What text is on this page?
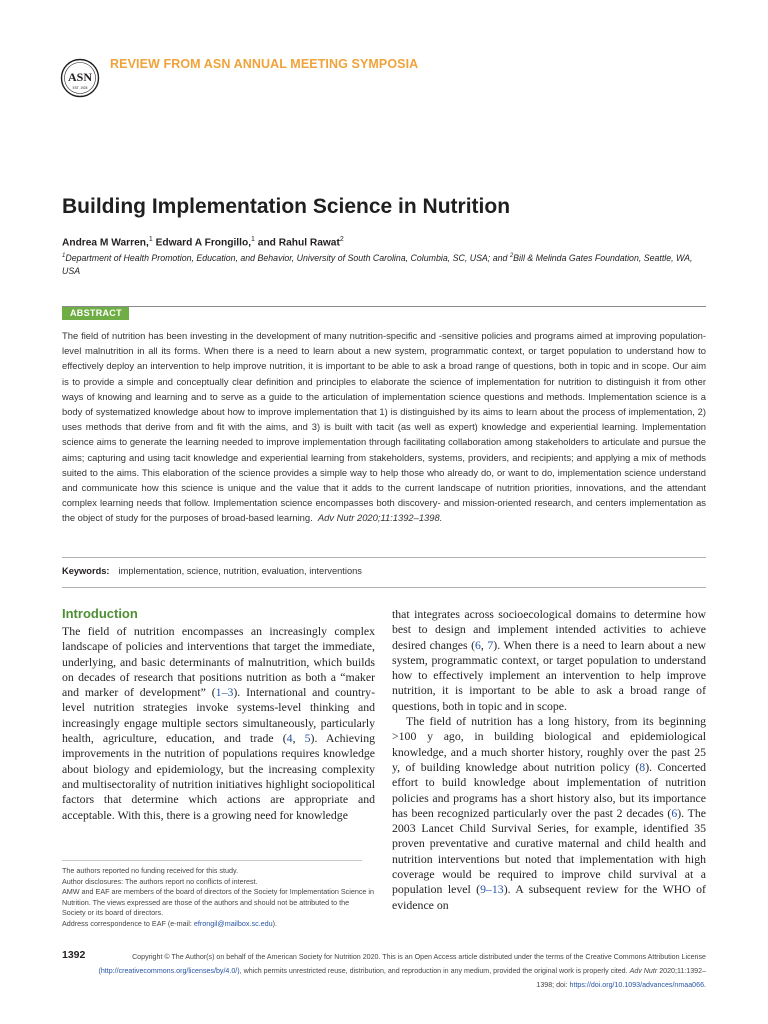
ASN
EST. 1928
REVIEW FROM ASN ANNUAL MEETING SYMPOSIA
Building Implementation Science in Nutrition
Andrea M Warren,$^1$ Edward A Frongillo,$^1$ and Rahul Rawat$^2$
$^1$Department of Health Promotion, Education, and Behavior, University of South Carolina, Columbia, SC, USA; and $^2$Bill & Melinda Gates Foundation, Seattle, WA, USA
ABSTRACT
The field of nutrition has been investing in the development of many nutrition-specific and -sensitive policies and programs aimed at improving population-level malnutrition in all its forms. When there is a need to learn about a new system, programmatic context, or target population to understand how to effectively deploy an intervention to help improve nutrition, it is important to be able to ask a broad range of questions, both in topic and in scope. Our aim is to provide a simple and conceptually clear definition and principles to elaborate the science of implementation for nutrition to distinguish it from other ways of knowing and learning and to serve as a guide to the articulation of implementation science questions and methods. Implementation science is a body of systematized knowledge about how to improve implementation that 1) is distinguished by its aims to learn about the process of implementation, 2) uses methods that derive from and fit with the aims, and 3) is built with tacit (as well as expert) knowledge and experiential learning. Implementation science aims to generate the learning needed to improve implementation through facilitating collaboration among stakeholders to articulate and pursue the aims; capturing and using tacit knowledge and experiential learning from stakeholders, systems, providers, and recipients; and applying a mix of methods suited to the aims. This elaboration of the science provides a simple way to help those who already do, or want to do, implementation science understand and communicate how this science is unique and the value that it adds to the current landscape of nutrition priorities, innovations, and the attendant complex learning needs that follow. Implementation science encompasses both discovery- and mission-oriented research, and centers implementation as the object of study for the purposes of broad-based learning. Adv Nutr 2020;11:1392–1398.
Keywords: implementation, science, nutrition, evaluation, interventions
Introduction

The field of nutrition encompasses an increasingly complex landscape of policies and interventions that target the immediate, underlying, and basic determinants of malnutrition, which builds on decades of research that positions nutrition as both a “maker and marker of development” (1–3). International and country-level nutrition strategies invoke systems-level thinking and increasingly engage multiple sectors simultaneously, particularly health, agriculture, education, and trade (4, 5). Achieving improvements in the nutrition of populations requires knowledge about biology and epidemiology, but the increasing complexity and multisectorality of nutrition initiatives highlight sociopolitical factors that determine which actions are appropriate and acceptable. With this, there is a growing need for knowledge

that integrates across socioecological domains to determine how best to design and implement intended activities to achieve desired changes (6, 7). When there is a need to learn about a new system, programmatic context, or target population to understand how to effectively implement an intervention to help improve nutrition, it is important to be able to ask a broad range of questions, both in topic and in scope.

The field of nutrition has a long history, from its beginning >100 y ago, in building biological and epidemiological knowledge, and a much shorter history, roughly over the past 25 y, of building knowledge about nutrition policy (8). Concerted effort to build knowledge about implementation of nutrition policies and programs has a short history also, but its importance has been recognized particularly over the past 2 decades (6). The 2003 Lancet Child Survival Series, for example, identified 35 proven preventative and curative maternal and child health and nutrition interventions but noted that implementation with high coverage would be required to improve child survival at a population level (9–13). A subsequent review for the WHO of evidence on

The authors reported no funding received for this study.
Author disclosures: The authors report no conflicts of interest.
AMW and EAF are members of the board of directors of the Society for Implementation Science in Nutrition. The views expressed are those of the authors and should not be attributed to the Society or its board of directors.
Address correspondence to EAF (e-mail: efrongil@mailbox.sc.edu).
1392	Copyright © The Author(s) on behalf of the American Society for Nutrition 2020. This is an Open Access article distributed under the terms of the Creative Commons Attribution License (http://creativecommons.org/licenses/by/4.0/), which permits unrestricted reuse, distribution, and reproduction in any medium, provided the original work is properly cited. Adv Nutr 2020;11:1392–1398; doi: https://doi.org/10.1093/advances/nmaa066.
